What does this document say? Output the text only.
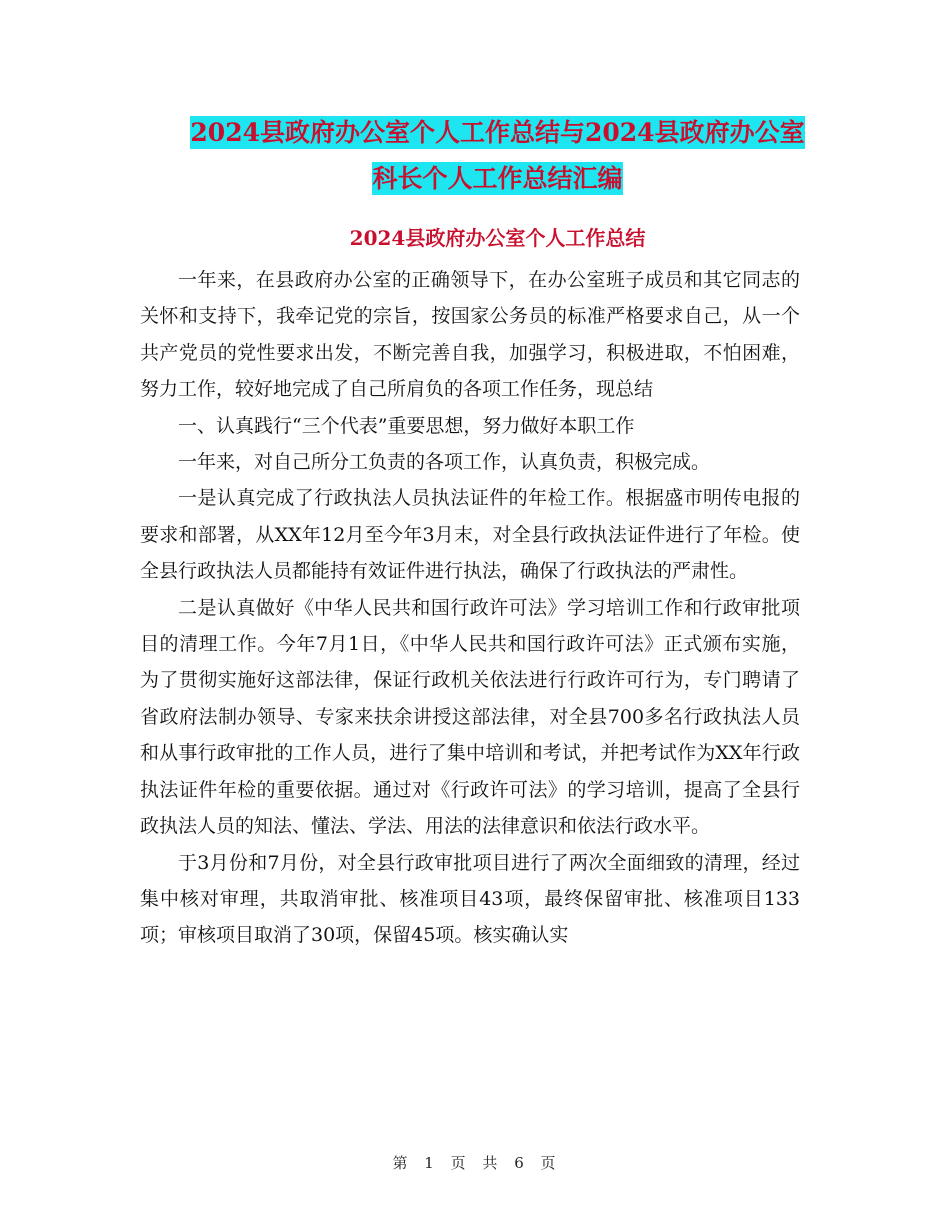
2024县政府办公室个人工作总结与2024县政府办公室
科长个人工作总结汇编
2024县政府办公室个人工作总结

一年来，在县政府办公室的正确领导下，在办公室班子成员和其它同志的关怀和支持下，我牵记党的宗旨，按国家公务员的标准严格要求自己，从一个共产党员的党性要求出发，不断完善自我，加强学习，积极进取，不怕困难，努力工作，较好地完成了自己所肩负的各项工作任务，现总结

一、认真践行“三个代表”重要思想，努力做好本职工作

一年来，对自己所分工负责的各项工作，认真负责，积极完成。

一是认真完成了行政执法人员执法证件的年检工作。根据盛市明传电报的要求和部署，从XX年12月至今年3月末，对全县行政执法证件进行了年检。使全县行政执法人员都能持有效证件进行执法，确保了行政执法的严肃性。

二是认真做好《中华人民共和国行政许可法》学习培训工作和行政审批项目的清理工作。今年7月1日，《中华人民共和国行政许可法》正式颁布实施，为了贯彻实施好这部法律，保证行政机关依法进行行政许可行为，专门聘请了省政府法制办领导、专家来扶余讲授这部法律，对全县700多名行政执法人员和从事行政审批的工作人员，进行了集中培训和考试，并把考试作为XX年行政执法证件年检的重要依据。通过对《行政许可法》的学习培训，提高了全县行政执法人员的知法、懂法、学法、用法的法律意识和依法行政水平。

于3月份和7月份，对全县行政审批项目进行了两次全面细致的清理，经过集中核对审理，共取消审批、核准项目43项，最终保留审批、核准项目133项；审核项目取消了30项，保留45项。核实确认实

第 1 页 共 6 页
